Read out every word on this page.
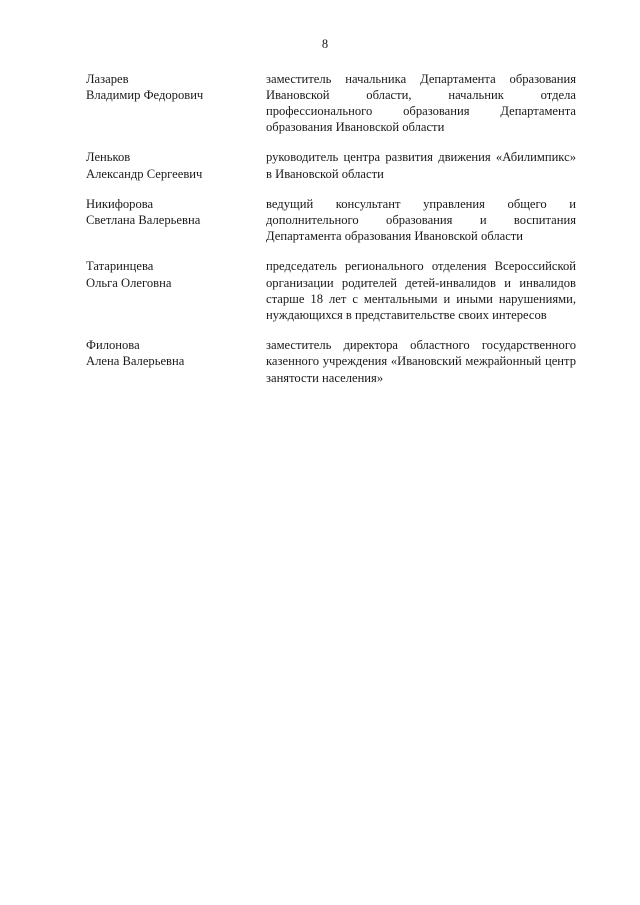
8
Лазарев
Владимир Федорович	заместитель начальника Департамента образования Ивановской области, начальник отдела профессионального образования Департамента образования Ивановской области

Леньков
Александр Сергеевич	руководитель центра развития движения «Абилимпикс» в Ивановской области

Никифорова
Светлана Валерьевна	ведущий консультант управления общего и дополнительного образования и воспитания Департамента образования Ивановской области

Татаринцева
Ольга Олеговна	председатель регионального отделения Всероссийской организации родителей детей-инвалидов и инвалидов старше 18 лет с ментальными и иными нарушениями, нуждающихся в представительстве своих интересов

Филонова
Алена Валерьевна	заместитель директора областного государственного казенного учреждения «Ивановский межрайонный центр занятости населения»
